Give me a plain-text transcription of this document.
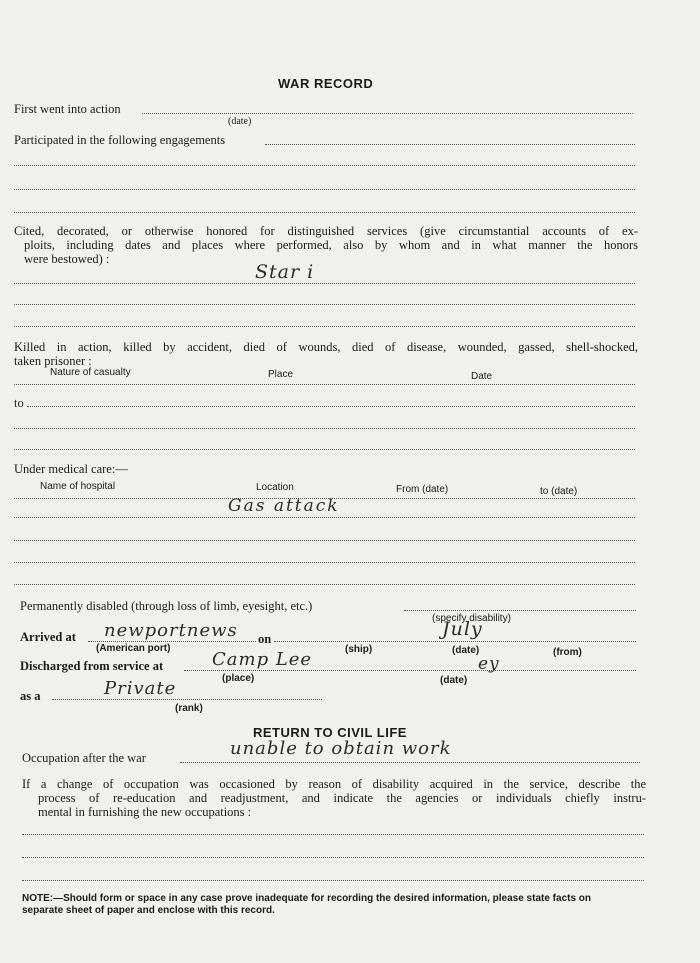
WAR RECORD
First went into action
(date)
Participated in the following engagements
Cited, decorated, or otherwise honored for distinguished services (give circumstantial accounts of ex-
ploits, including dates and places where performed, also by whom and in what manner the honors
were bestowed) :
Star i
Killed in action, killed by accident, died of wounds, died of disease, wounded, gassed, shell-shocked,
taken prisoner :
Nature of casualty	Place	Date
to
Under medical care:—
Name of hospital	Location	From (date)	to (date)
Gas attack
Permanently disabled (through loss of limb, eyesight, etc.)
(specify disability)
Arrived at newportnews on	July
(American port)	(ship)	(date)	(from)
Discharged from service at	Camp Lee	ey
(place)	(date)
as a	Private
(rank)
RETURN TO CIVIL LIFE
Occupation after the war	unable to obtain work
If a change of occupation was occasioned by reason of disability acquired in the service, describe the
process of re-education and readjustment, and indicate the agencies or individuals chiefly instru-
mental in furnishing the new occupations :
NOTE:—Should form or space in any case prove inadequate for recording the desired information, please state facts on
separate sheet of paper and enclose with this record.
